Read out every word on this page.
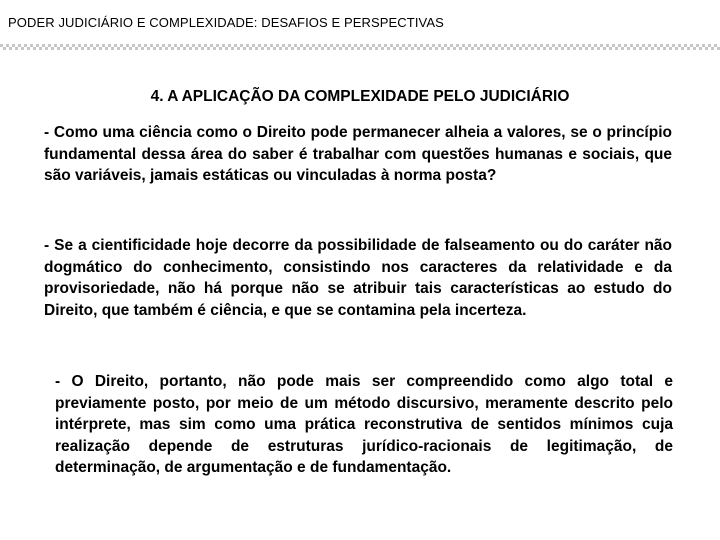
PODER JUDICIÁRIO E COMPLEXIDADE: DESAFIOS E PERSPECTIVAS
4. A APLICAÇÃO DA COMPLEXIDADE PELO JUDICIÁRIO

- Como uma ciência como o Direito pode permanecer alheia a valores, se o princípio fundamental dessa área do saber é trabalhar com questões humanas e sociais, que são variáveis, jamais estáticas ou vinculadas à norma posta?

- Se a cientificidade hoje decorre da possibilidade de falseamento ou do caráter não dogmático do conhecimento, consistindo nos caracteres da relatividade e da provisoriedade, não há porque não se atribuir tais características ao estudo do Direito, que também é ciência, e que se contamina pela incerteza.

- O Direito, portanto, não pode mais ser compreendido como algo total e previamente posto, por meio de um método discursivo, meramente descrito pelo intérprete, mas sim como uma prática reconstrutiva de sentidos mínimos cuja realização depende de estruturas jurídico-racionais de legitimação, de determinação, de argumentação e de fundamentação.
